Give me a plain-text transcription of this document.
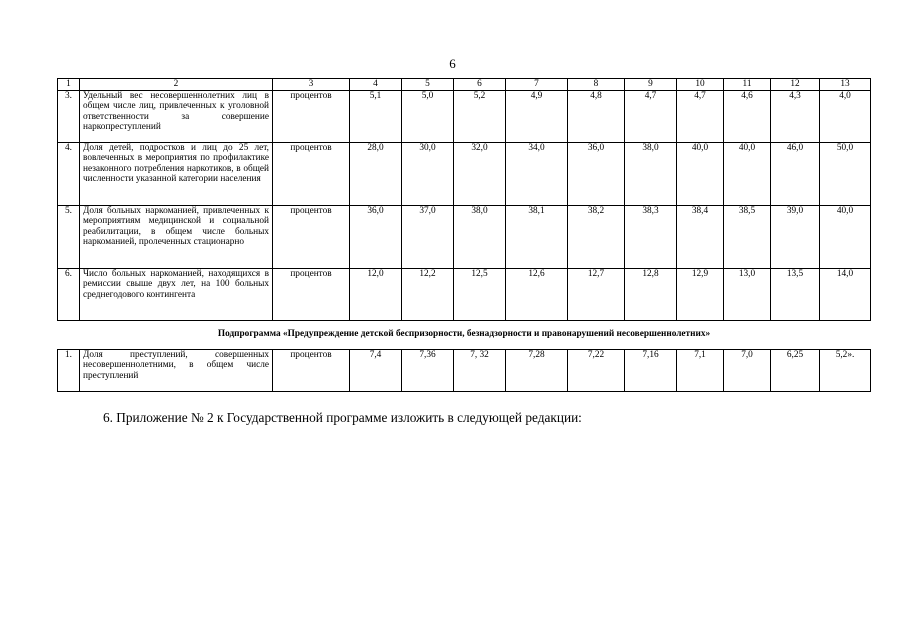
6
1	2	3	4	5	6	7	8	9	10	11	12	13
3.	Удельный вес несовершеннолетних лиц в общем числе лиц, привлеченных к уголовной ответственности за совершение наркопреступлений	процентов	5,1	5,0	5,2	4,9	4,8	4,7	4,7	4,6	4,3	4,0
4.	Доля детей, подростков и лиц до 25 лет, вовлеченных в мероприятия по профилактике незаконного потребления наркотиков, в общей численности указанной категории населения	процентов	28,0	30,0	32,0	34,0	36,0	38,0	40,0	40,0	46,0	50,0
5.	Доля больных наркоманией, привлеченных к мероприятиям медицинской и социальной реабилитации, в общем числе больных наркоманией, пролеченных стационарно	процентов	36,0	37,0	38,0	38,1	38,2	38,3	38,4	38,5	39,0	40,0
6.	Число больных наркоманией, находящихся в ремиссии свыше двух лет, на 100 больных среднегодового контингента	процентов	12,0	12,2	12,5	12,6	12,7	12,8	12,9	13,0	13,5	14,0
Подпрограмма «Предупреждение детской беспризорности, безнадзорности и правонарушений несовершеннолетних»												
1.	Доля преступлений, совершенных несовершеннолетними, в общем числе преступлений	процентов	7,4	7,36	7, 32	7,28	7,22	7,16	7,1	7,0	6,25	5,2».
6. Приложение № 2 к Государственной программе изложить в следующей редакции:
